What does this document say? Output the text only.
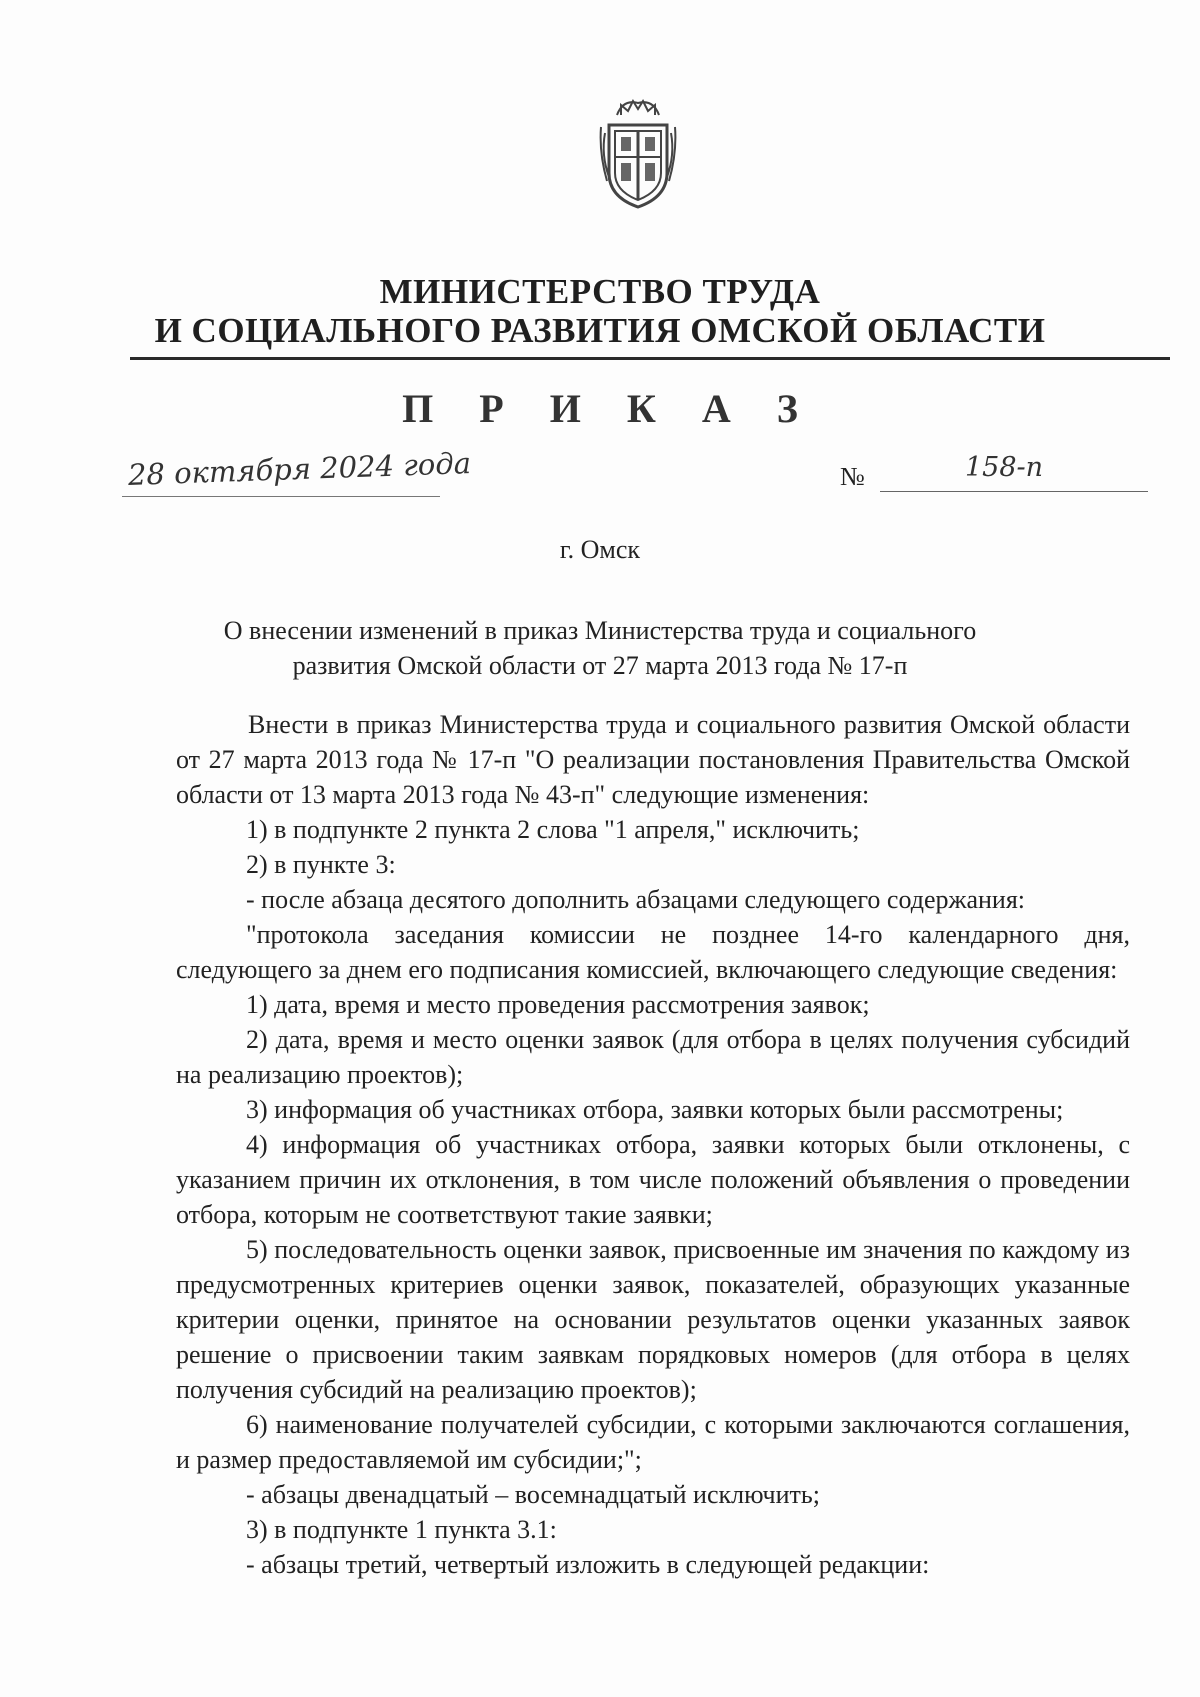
МИНИСТЕРСТВО ТРУДА
И СОЦИАЛЬНОГО РАЗВИТИЯ ОМСКОЙ ОБЛАСТИ
П Р И К А З
28 октября 2024 года	№	158-п
г. Омск
О внесении изменений в приказ Министерства труда и социального
развития Омской области от 27 марта 2013 года № 17-п

Внести в приказ Министерства труда и социального развития Омской области от 27 марта 2013 года № 17-п "О реализации постановления Правительства Омской области от 13 марта 2013 года № 43-п" следующие изменения:

1) в подпункте 2 пункта 2 слова "1 апреля," исключить;

2) в пункте 3:

- после абзаца десятого дополнить абзацами следующего содержания:

"протокола заседания комиссии не позднее 14-го календарного дня, следующего за днем его подписания комиссией, включающего следующие сведения:

1) дата, время и место проведения рассмотрения заявок;

2) дата, время и место оценки заявок (для отбора в целях получения субсидий на реализацию проектов);

3) информация об участниках отбора, заявки которых были рассмотрены;

4) информация об участниках отбора, заявки которых были отклонены, с указанием причин их отклонения, в том числе положений объявления о проведении отбора, которым не соответствуют такие заявки;

5) последовательность оценки заявок, присвоенные им значения по каждому из предусмотренных критериев оценки заявок, показателей, образующих указанные критерии оценки, принятое на основании результатов оценки указанных заявок решение о присвоении таким заявкам порядковых номеров (для отбора в целях получения субсидий на реализацию проектов);

6) наименование получателей субсидии, с которыми заключаются соглашения, и размер предоставляемой им субсидии;";

- абзацы двенадцатый – восемнадцатый исключить;

3) в подпункте 1 пункта 3.1:

- абзацы третий, четвертый изложить в следующей редакции:
